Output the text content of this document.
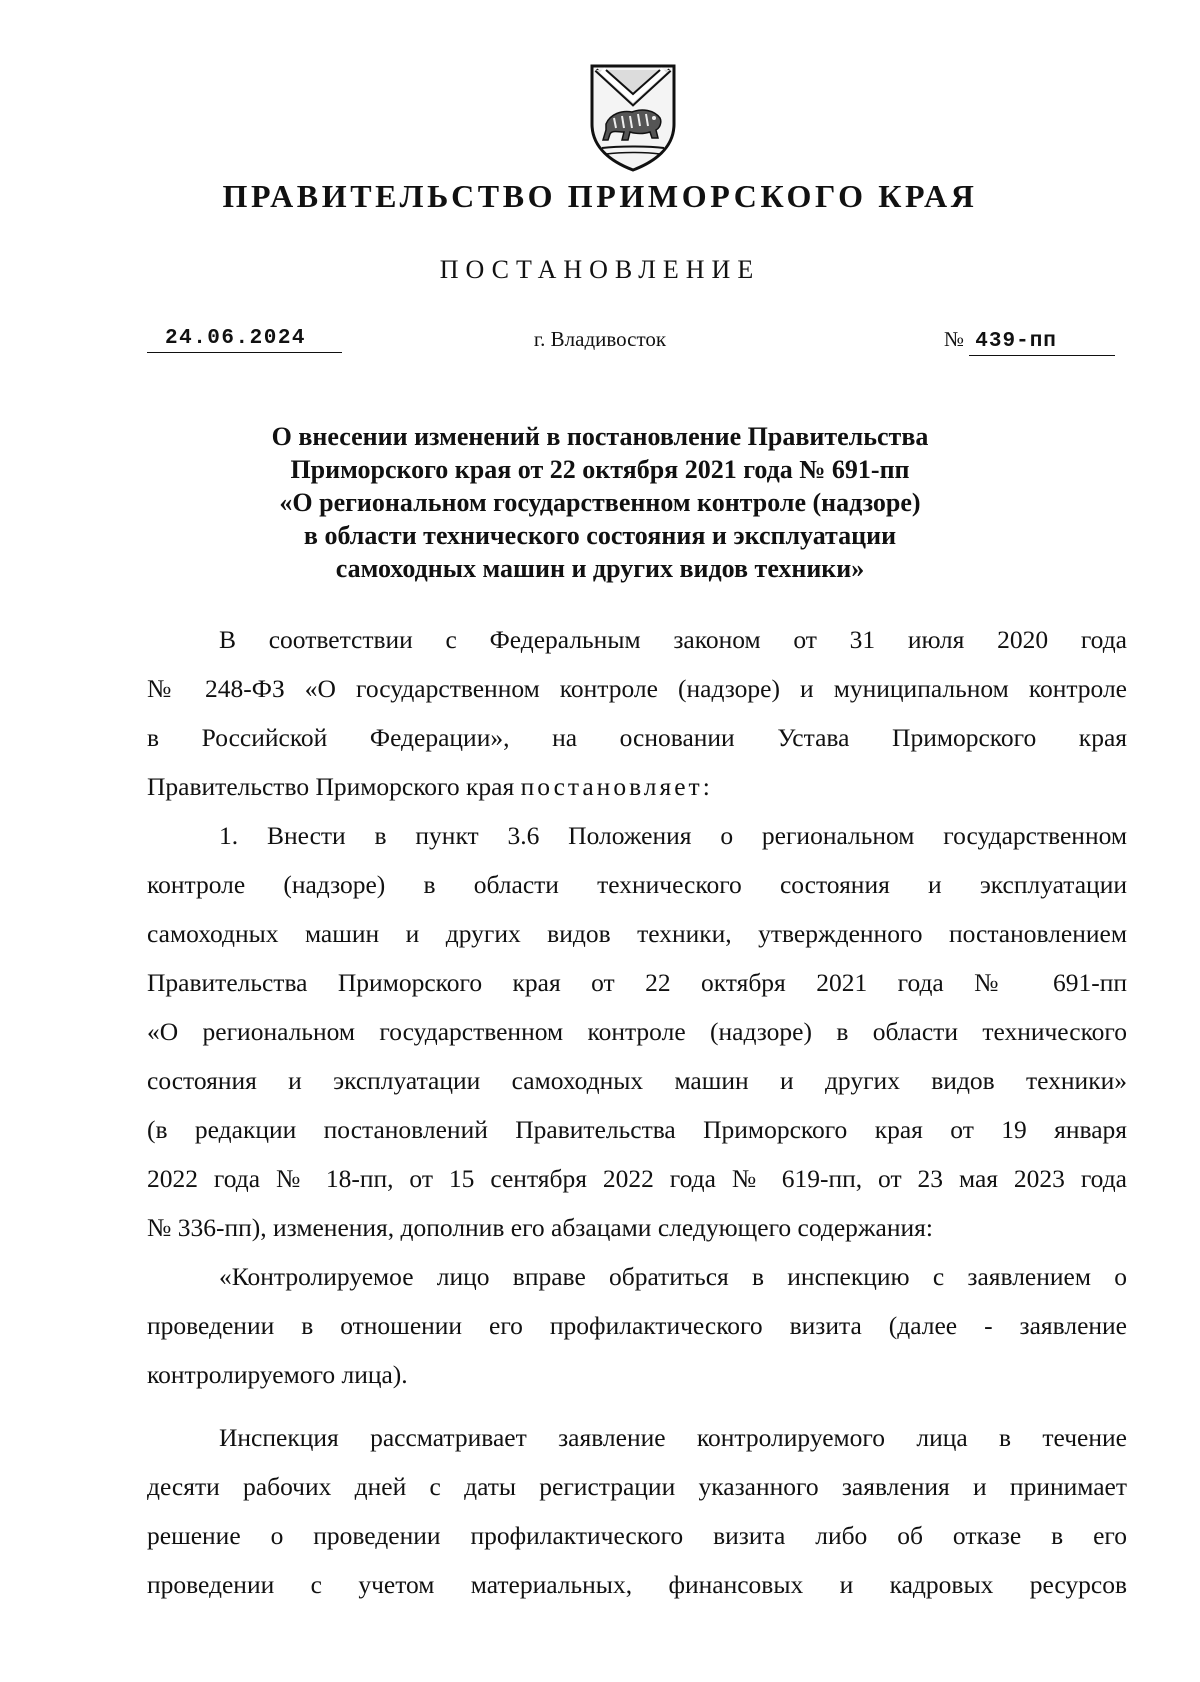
ПРАВИТЕЛЬСТВО ПРИМОРСКОГО КРАЯ
ПОСТАНОВЛЕНИЕ
24.06.2024	г. Владивосток	№ 439-пп
О внесении изменений в постановление Правительства
Приморского края от 22 октября 2021 года № 691-пп
«О региональном государственном контроле (надзоре)
в области технического состояния и эксплуатации
самоходных машин и других видов техники»
В соответствии с Федеральным законом от 31 июля 2020 года
№ 248-ФЗ «О государственном контроле (надзоре) и муниципальном контроле
в Российской Федерации», на основании Устава Приморского края
Правительство Приморского края постановляет:
1. Внести в пункт 3.6 Положения о региональном государственном
контроле (надзоре) в области технического состояния и эксплуатации
самоходных машин и других видов техники, утвержденного постановлением
Правительства Приморского края от 22 октября 2021 года № 691-пп
«О региональном государственном контроле (надзоре) в области технического
состояния и эксплуатации самоходных машин и других видов техники»
(в редакции постановлений Правительства Приморского края от 19 января
2022 года № 18-пп, от 15 сентября 2022 года № 619-пп, от 23 мая 2023 года
№ 336-пп), изменения, дополнив его абзацами следующего содержания:
«Контролируемое лицо вправе обратиться в инспекцию с заявлением о
проведении в отношении его профилактического визита (далее - заявление
контролируемого лица).
Инспекция рассматривает заявление контролируемого лица в течение
десяти рабочих дней с даты регистрации указанного заявления и принимает
решение о проведении профилактического визита либо об отказе в его
проведении с учетом материальных, финансовых и кадровых ресурсов
